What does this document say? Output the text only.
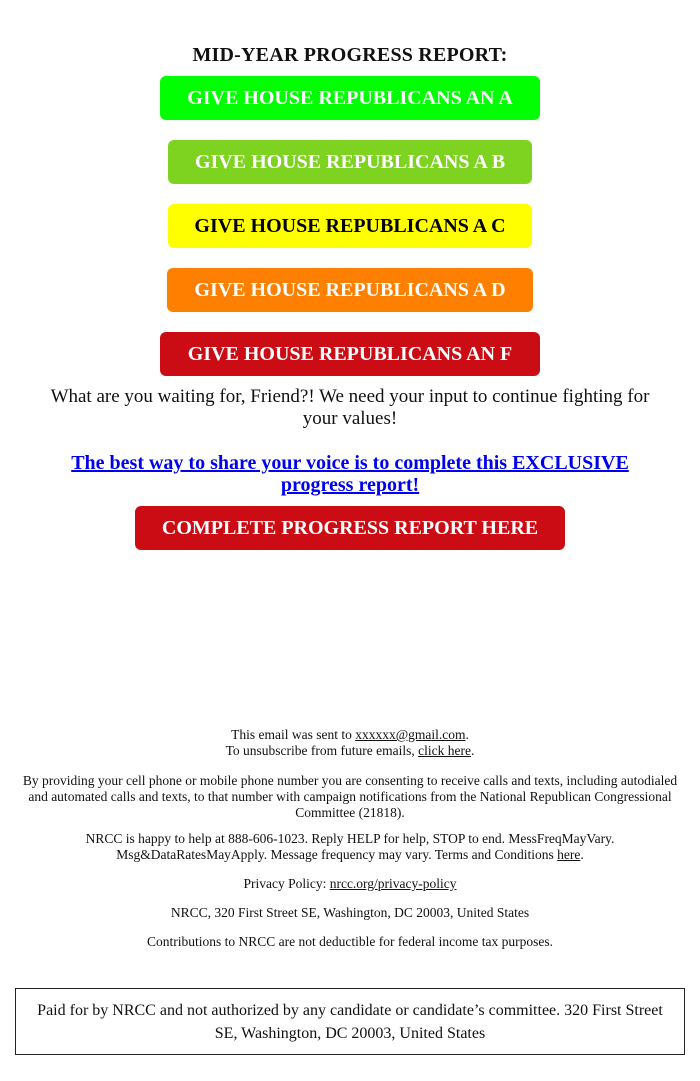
MID-YEAR PROGRESS REPORT:
GIVE HOUSE REPUBLICANS AN A
GIVE HOUSE REPUBLICANS A B
GIVE HOUSE REPUBLICANS A C
GIVE HOUSE REPUBLICANS A D
GIVE HOUSE REPUBLICANS AN F
What are you waiting for, Friend?! We need your input to continue fighting for your values!
The best way to share your voice is to complete this EXCLUSIVE progress report!
COMPLETE PROGRESS REPORT HERE

This email was sent to xxxxxx@gmail.com.

To unsubscribe from future emails, click here.

By providing your cell phone or mobile phone number you are consenting to receive calls and texts, including autodialed and automated calls and texts, to that number with campaign notifications from the National Republican Congressional Committee (21818).

NRCC is happy to help at 888-606-1023. Reply HELP for help, STOP to end. MessFreqMayVary. Msg&DataRatesMayApply. Message frequency may vary. Terms and Conditions here.

Privacy Policy: nrcc.org/privacy-policy

NRCC, 320 First Street SE, Washington, DC 20003, United States

Contributions to NRCC are not deductible for federal income tax purposes.

Paid for by NRCC and not authorized by any candidate or candidate’s committee. 320 First Street SE, Washington, DC 20003, United States
